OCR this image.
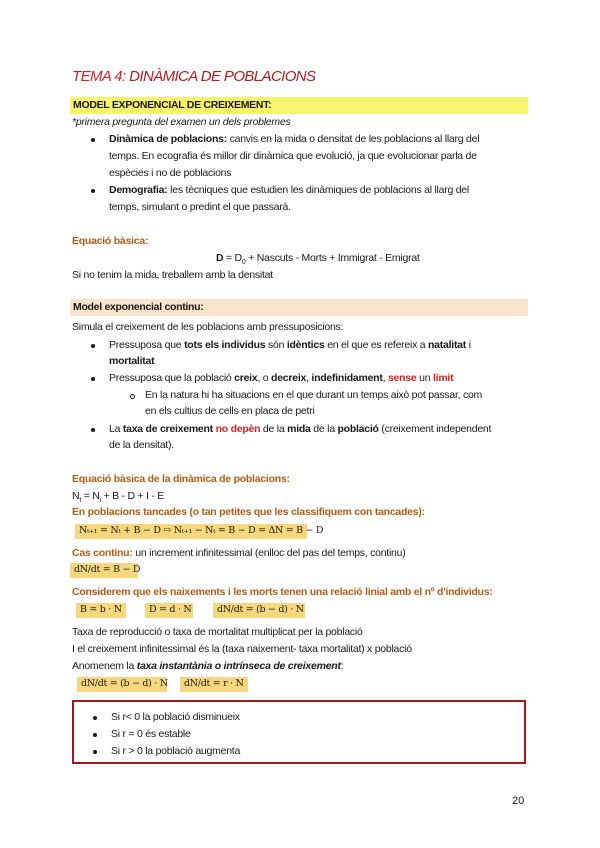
TEMA 4: DINÀMICA DE POBLACIONS
MODEL EXPONENCIAL DE CREIXEMENT:
*primera pregunta del examen un dels problemes
Dinàmica de poblacions: canvis en la mida o densitat de les poblacions al llarg del
temps. En ecografia és millor dir dinàmica que evolució, ja que evolucionar parla de
espècies i no de poblacions
Demografia: les tècniques que estudien les dinàmiques de poblacions al llarg del
temps, simulant o predint el que passarà.
Equació bàsica:
$D = D_0$ + Nascuts - Morts + Immigrat - Emigrat
Si no tenim la mida, treballem amb la densitat
Model exponencial continu:
Simula el creixement de les poblacions amb pressuposicions:
Pressuposa que tots els individus són idèntics en el que es refereix a natalitat i
mortalitat
Pressuposa que la població creix, o decreix, indefinidament, sense un límit
En la natura hi ha situacions en el que durant un temps això pot passar, com
en els cultius de cells en placa de petri
La taxa de creixement no depèn de la mida de la població (creixement independent
de la densitat).
Equació bàsica de la dinàmica de poblacions:
$N_t = N_i + B - D + I - E$
En poblacions tancades (o tan petites que les classifiquem con tancades):
Nₜ₊₁ = Nₜ + B − D ⇨ Nₜ₊₁ − Nₜ = B − D = ΔN = B − D
Cas continu: un increment infinitessimal (enlloc del pas del temps, continu)
dN/dt = B − D
Considerem que els naixements i les morts tenen una relació linial amb el nº d'individus:
B = b · N	D = d · N	dN/dt = (b − d) · N
Taxa de reproducció o taxa de mortalitat multiplicat per la població
I el creixement infinitessimal és la (taxa naixement- taxa mortalitat) x població
Anomenem la taxa instantània o intrínseca de creixement:
dN/dt = (b − d) · N dN/dt = r · N
Si r< 0 la població disminueix
Si r = 0 és estable
Si r > 0 la població augmenta
20
